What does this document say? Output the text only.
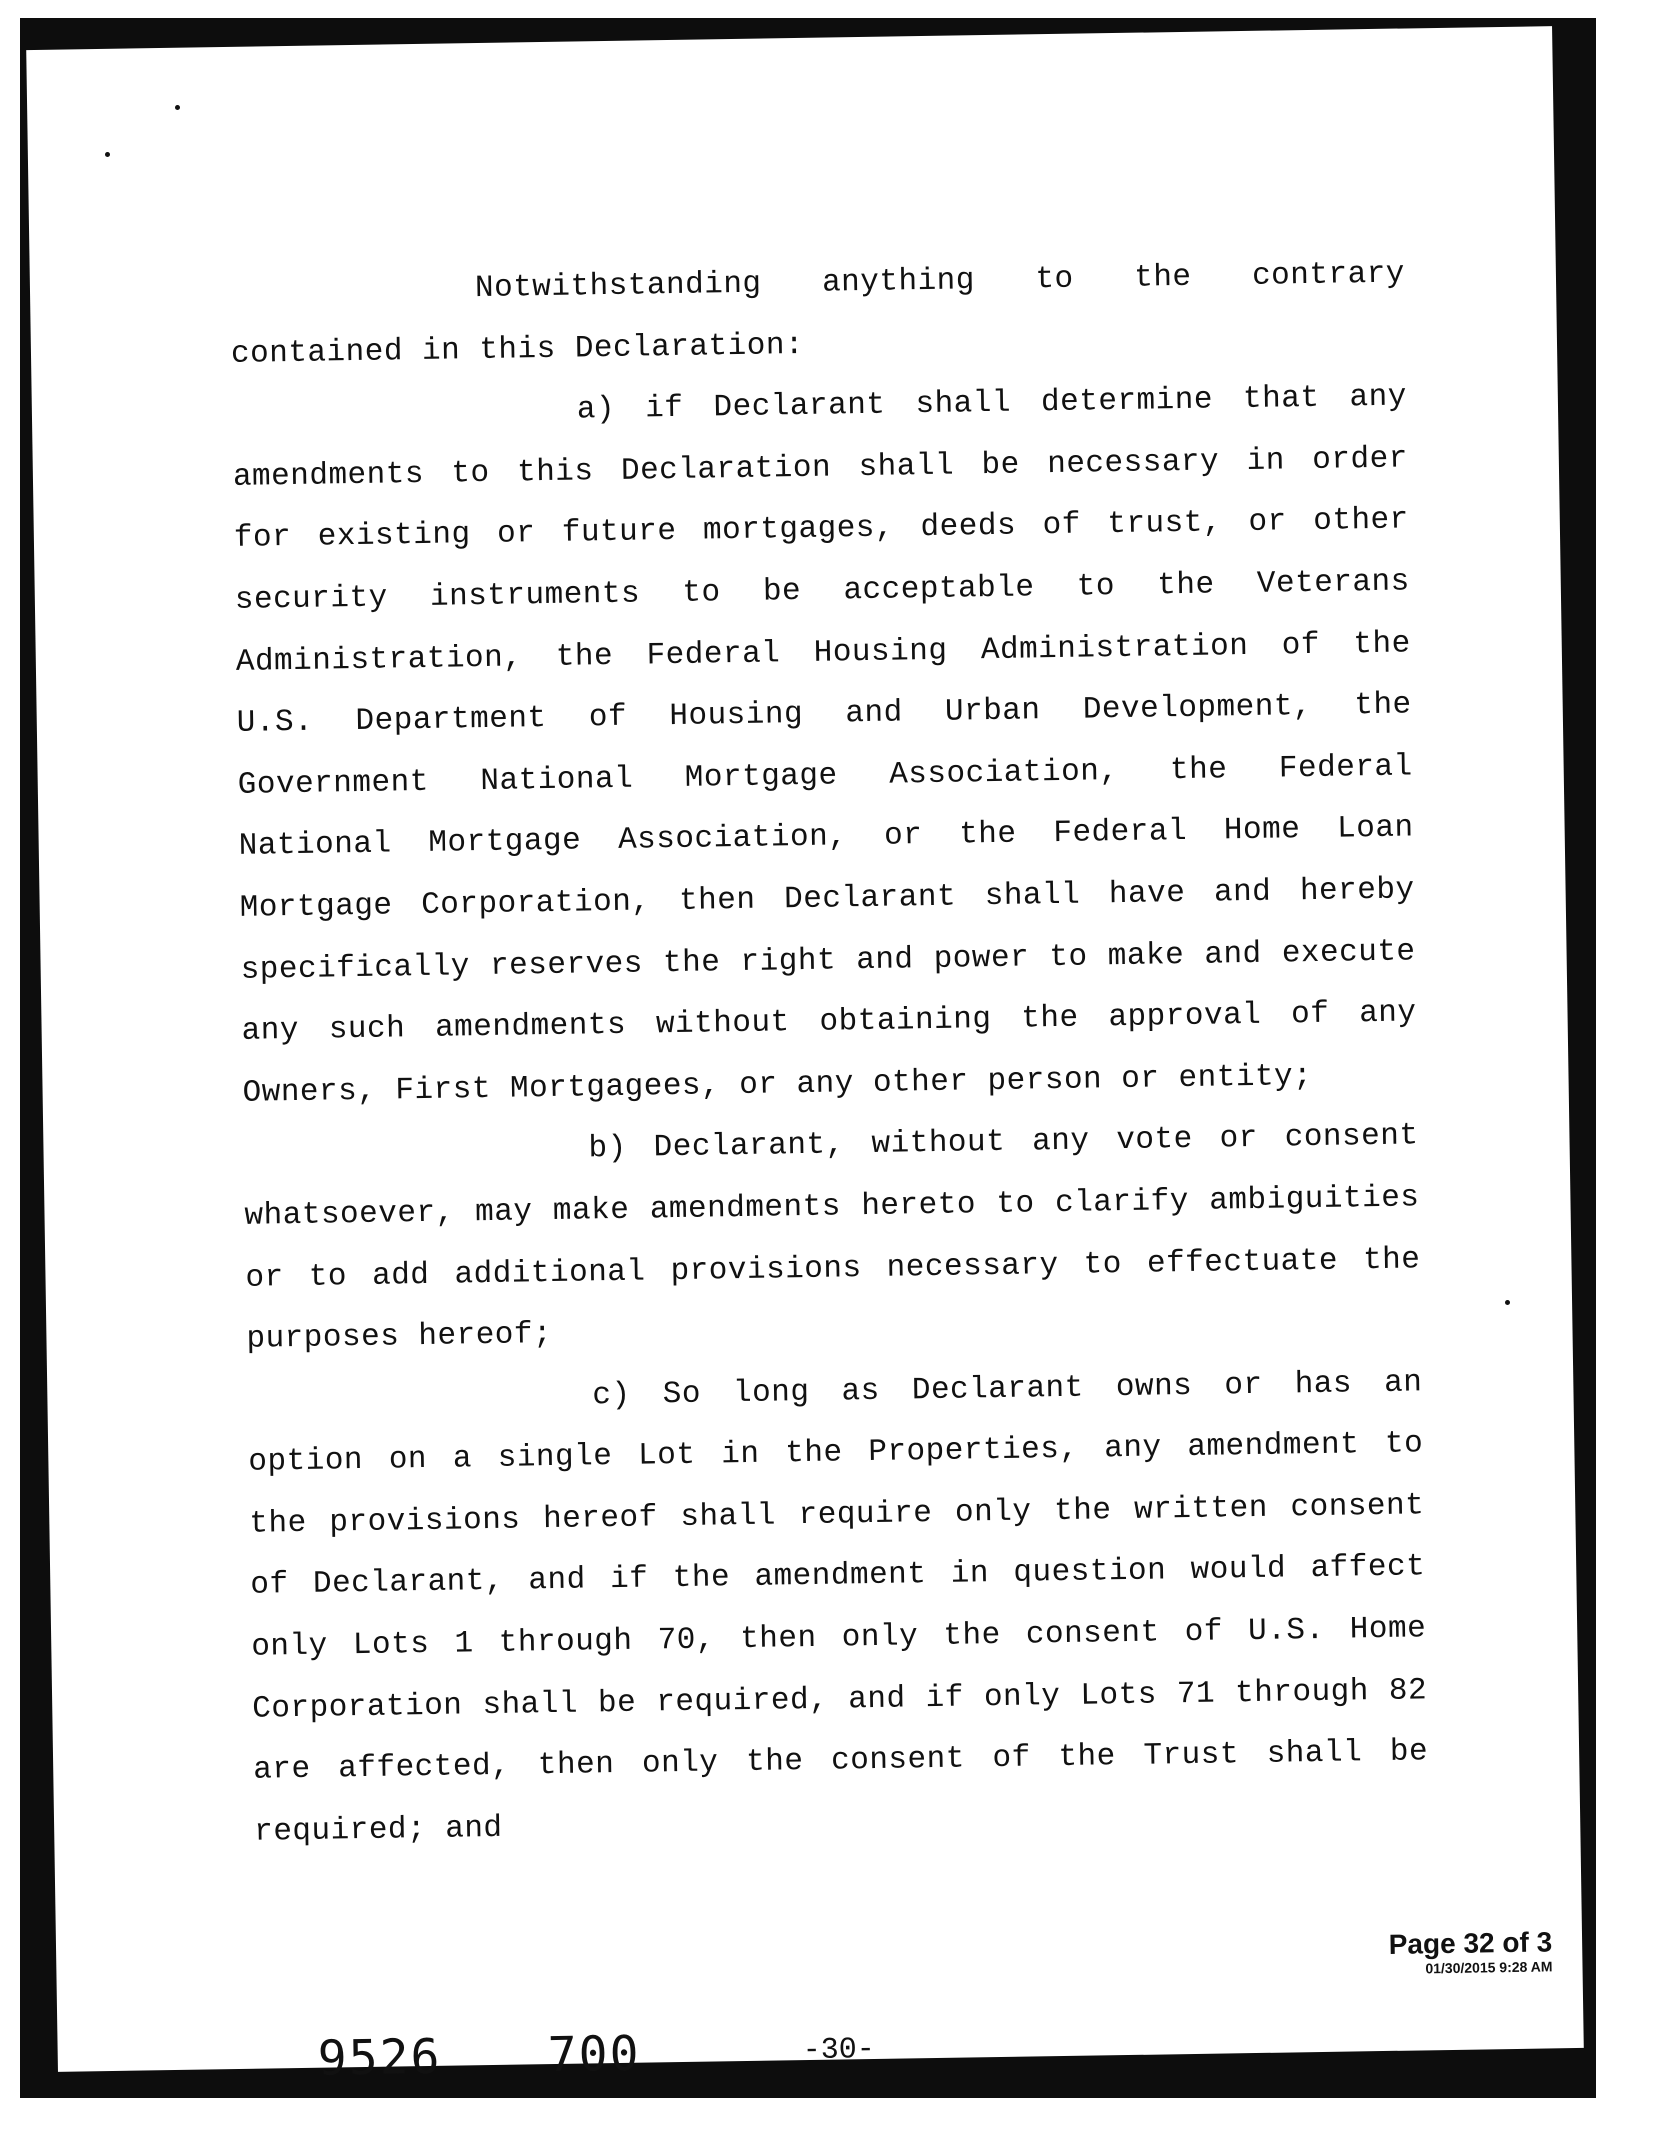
Notwithstanding anything to the contrary contained in this Declaration:

a) if Declarant shall determine that any amendments to this Declaration shall be necessary in order for existing or future mortgages, deeds of trust, or other security instruments to be acceptable to the Veterans Administration, the Federal Housing Administration of the U.S. Department of Housing and Urban Development, the Government National Mortgage Association, the Federal National Mortgage Association, or the Federal Home Loan Mortgage Corporation, then Declarant shall have and hereby specifically reserves the right and power to make and execute any such amendments without obtaining the approval of any Owners, First Mortgagees, or any other person or entity;

b) Declarant, without any vote or consent whatsoever, may make amendments hereto to clarify ambiguities or to add additional provisions necessary to effectuate the purposes hereof;

c) So long as Declarant owns or has an option on a single Lot in the Properties, any amendment to the provisions hereof shall require only the written consent of Declarant, and if the amendment in question would affect only Lots 1 through 70, then only the consent of U.S. Home Corporation shall be required, and if only Lots 71 through 82 are affected, then only the consent of the Trust shall be required; and

Page 32 of 3
01/30/2015 9:28 AM
9526 700	-30-
